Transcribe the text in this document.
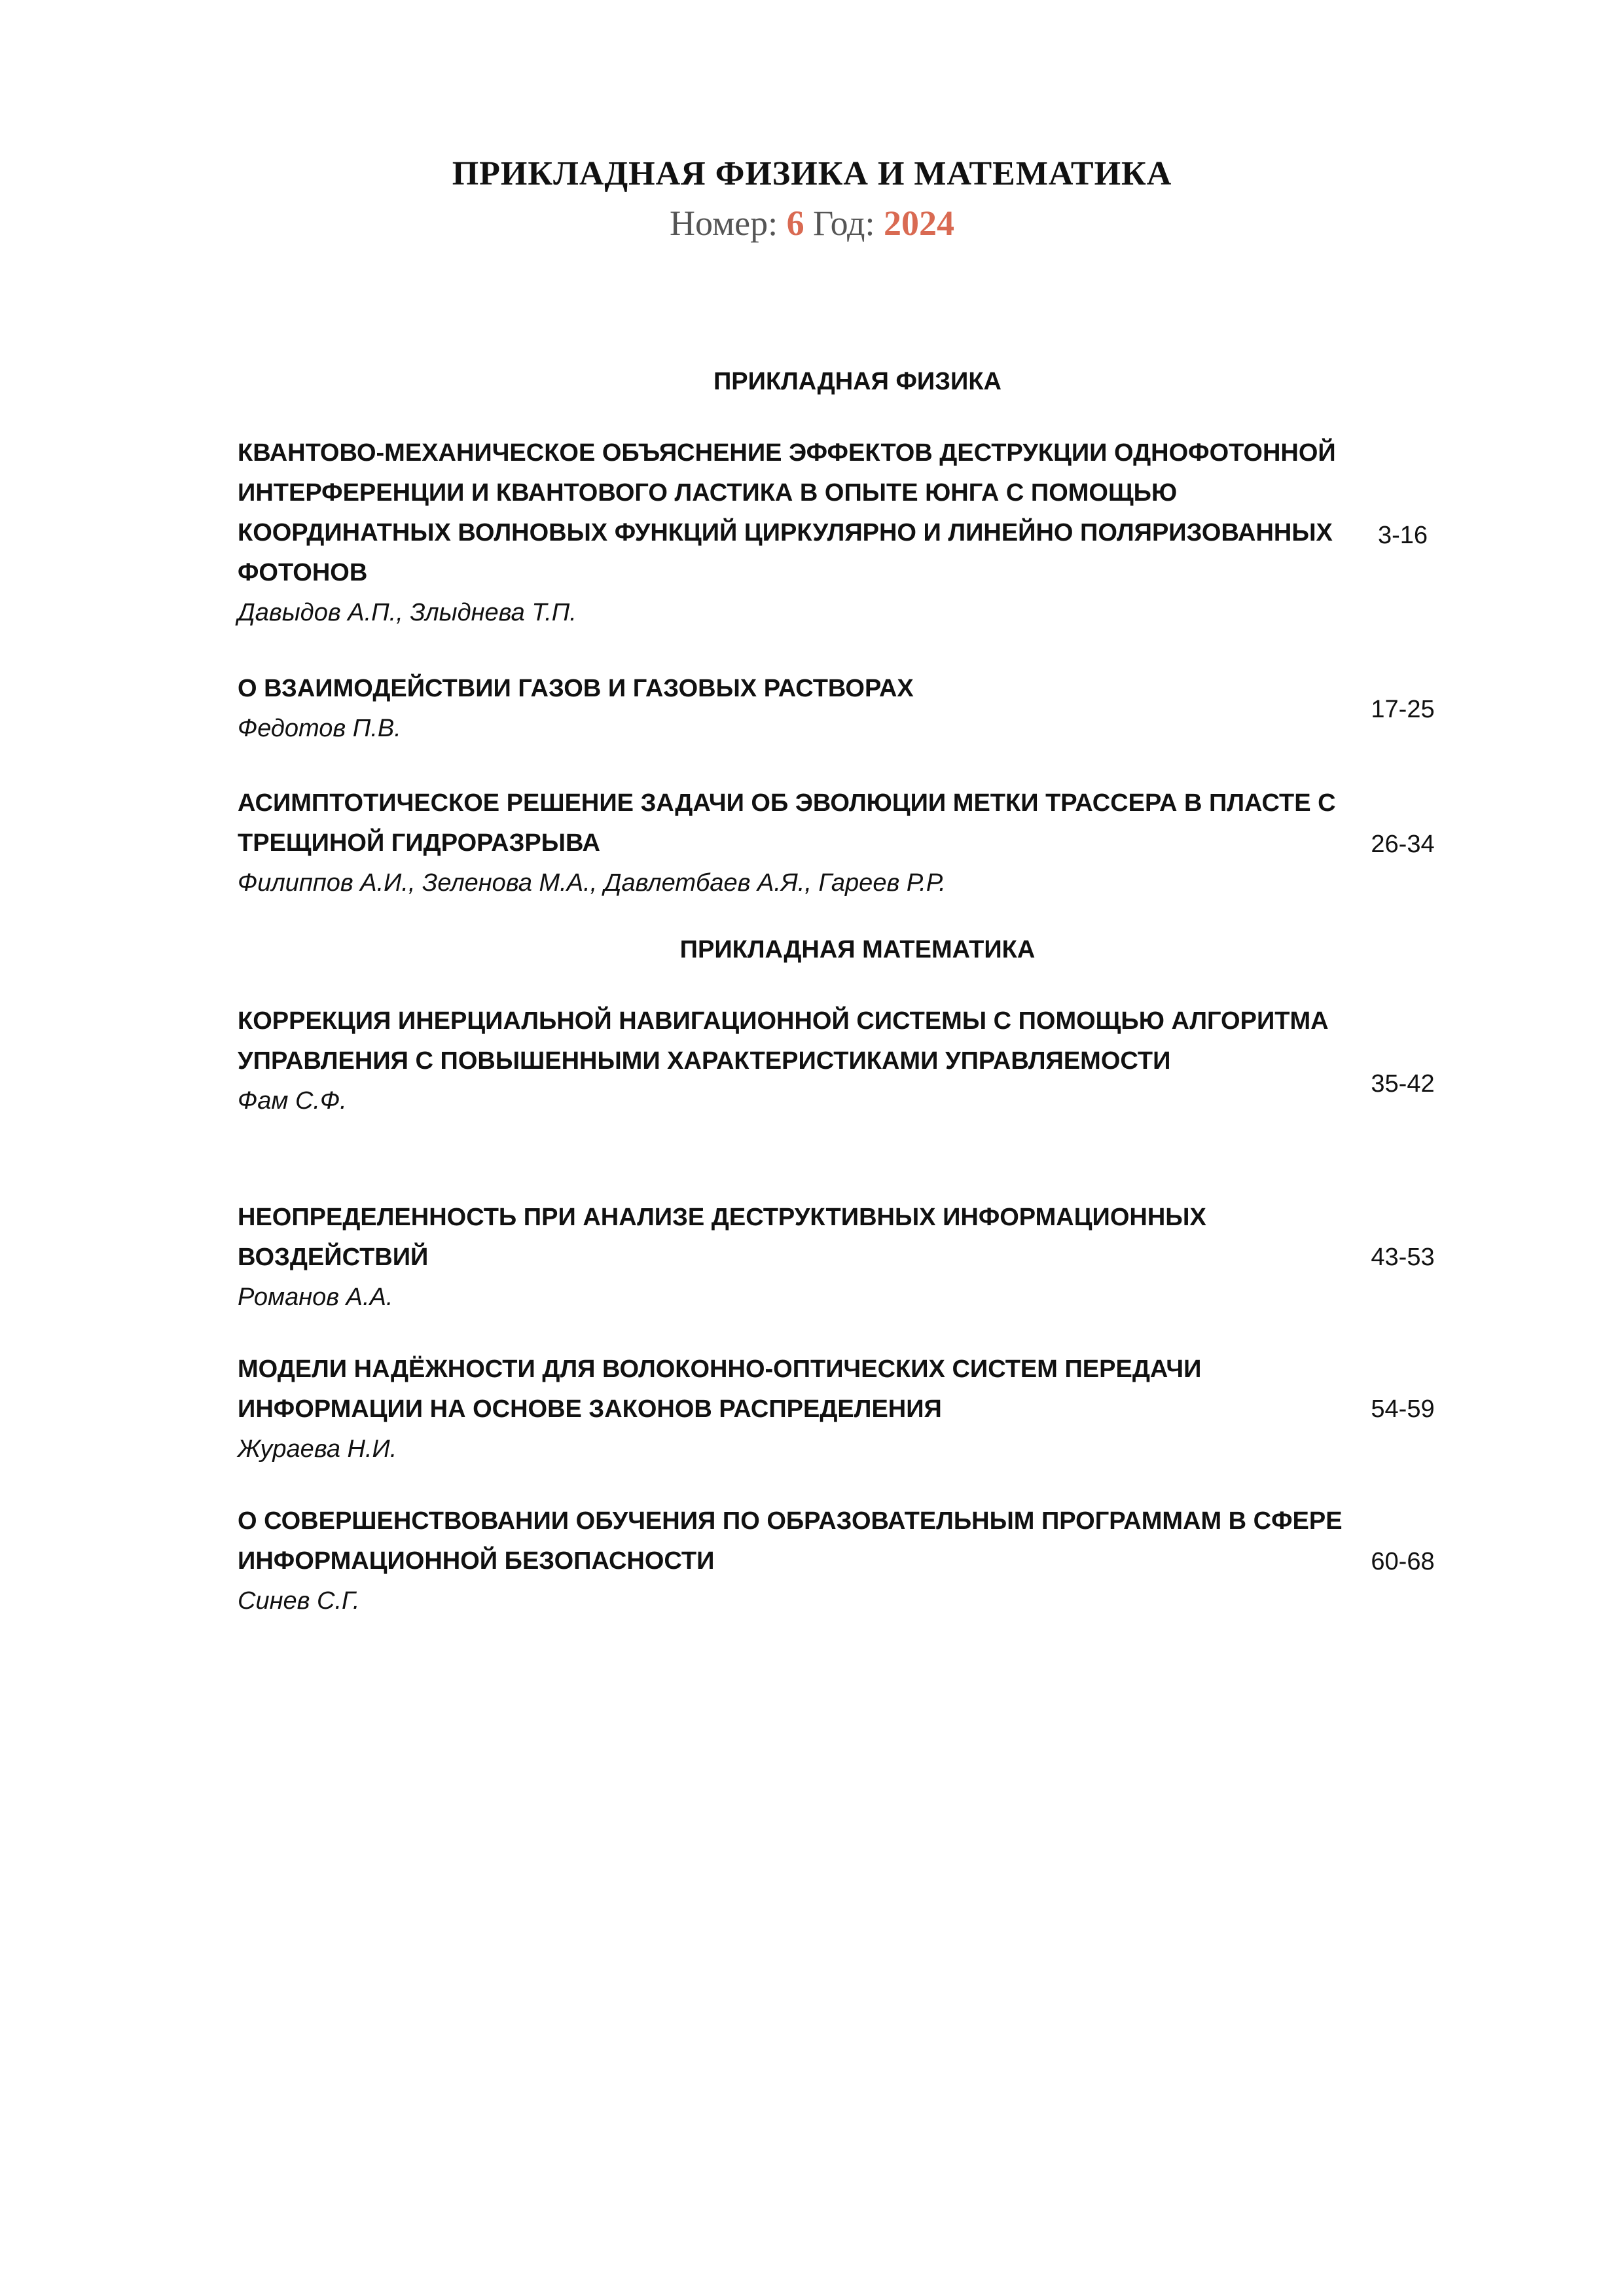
ПРИКЛАДНАЯ ФИЗИКА И МАТЕМАТИКА
Номер: 6 Год: 2024
ПРИКЛАДНАЯ ФИЗИКА
КВАНТОВО-МЕХАНИЧЕСКОЕ ОБЪЯСНЕНИЕ ЭФФЕКТОВ ДЕСТРУКЦИИ ОДНОФОТОННОЙ ИНТЕРФЕРЕНЦИИ И КВАНТОВОГО ЛАСТИКА В ОПЫТЕ ЮНГА С ПОМОЩЬЮ КООРДИНАТНЫХ ВОЛНОВЫХ ФУНКЦИЙ ЦИРКУЛЯРНО И ЛИНЕЙНО ПОЛЯРИЗОВАННЫХ ФОТОНОВ
Давыдов А.П., Злыднева Т.П.
3-16
О ВЗАИМОДЕЙСТВИИ ГАЗОВ И ГАЗОВЫХ РАСТВОРАХ
Федотов П.В.
17-25
АСИМПТОТИЧЕСКОЕ РЕШЕНИЕ ЗАДАЧИ ОБ ЭВОЛЮЦИИ МЕТКИ ТРАССЕРА В ПЛАСТЕ С ТРЕЩИНОЙ ГИДРОРАЗРЫВА
Филиппов А.И., Зеленова М.А., Давлетбаев А.Я., Гареев Р.Р.
26-34
ПРИКЛАДНАЯ МАТЕМАТИКА
КОРРЕКЦИЯ ИНЕРЦИАЛЬНОЙ НАВИГАЦИОННОЙ СИСТЕМЫ С ПОМОЩЬЮ АЛГОРИТМА УПРАВЛЕНИЯ С ПОВЫШЕННЫМИ ХАРАКТЕРИСТИКАМИ УПРАВЛЯЕМОСТИ
Фам С.Ф.
35-42
НЕОПРЕДЕЛЕННОСТЬ ПРИ АНАЛИЗЕ ДЕСТРУКТИВНЫХ ИНФОРМАЦИОННЫХ ВОЗДЕЙСТВИЙ
Романов А.А.
43-53
МОДЕЛИ НАДЁЖНОСТИ ДЛЯ ВОЛОКОННО-ОПТИЧЕСКИХ СИСТЕМ ПЕРЕДАЧИ ИНФОРМАЦИИ НА ОСНОВЕ ЗАКОНОВ РАСПРЕДЕЛЕНИЯ
Жураева Н.И.
54-59
О СОВЕРШЕНСТВОВАНИИ ОБУЧЕНИЯ ПО ОБРАЗОВАТЕЛЬНЫМ ПРОГРАММАМ В СФЕРЕ ИНФОРМАЦИОННОЙ БЕЗОПАСНОСТИ
Синев С.Г.
60-68
